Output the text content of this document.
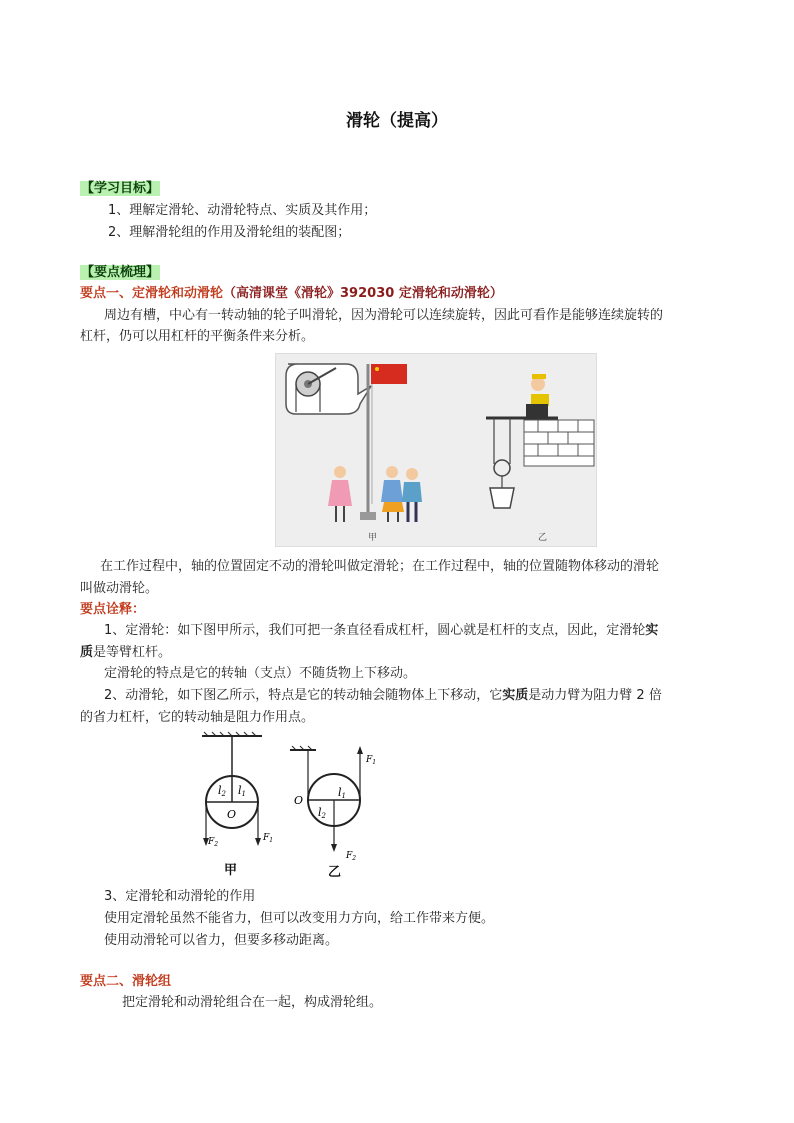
滑轮（提高）
【学习目标】
1、理解定滑轮、动滑轮特点、实质及其作用；
2、理解滑轮组的作用及滑轮组的装配图；
【要点梳理】
要点一、定滑轮和动滑轮（高清课堂《滑轮》392030 定滑轮和动滑轮）
周边有槽，中心有一转动轴的轮子叫滑轮，因为滑轮可以连续旋转，因此可看作是能够连续旋转的
杠杆，仍可以用杠杆的平衡条件来分析。
甲	乙
在工作过程中，轴的位置固定不动的滑轮叫做定滑轮；在工作过程中，轴的位置随物体移动的滑轮
叫做动滑轮。
要点诠释：
1、定滑轮：如下图甲所示，我们可把一条直径看成杠杆，圆心就是杠杆的支点，因此，定滑轮实
质是等臂杠杆。
定滑轮的特点是它的转轴（支点）不随货物上下移动。
2、动滑轮，如下图乙所示，特点是它的转动轴会随物体上下移动，它实质是动力臂为阻力臂 2 倍
的省力杠杆，它的转动轴是阻力作用点。
l2 l1
O
$F_2$
$F_1$
甲
O
l1
l2
$F_1$
$F_2$
乙
3、定滑轮和动滑轮的作用
使用定滑轮虽然不能省力，但可以改变用力方向，给工作带来方便。
使用动滑轮可以省力，但要多移动距离。
要点二、滑轮组
把定滑轮和动滑轮组合在一起，构成滑轮组。
